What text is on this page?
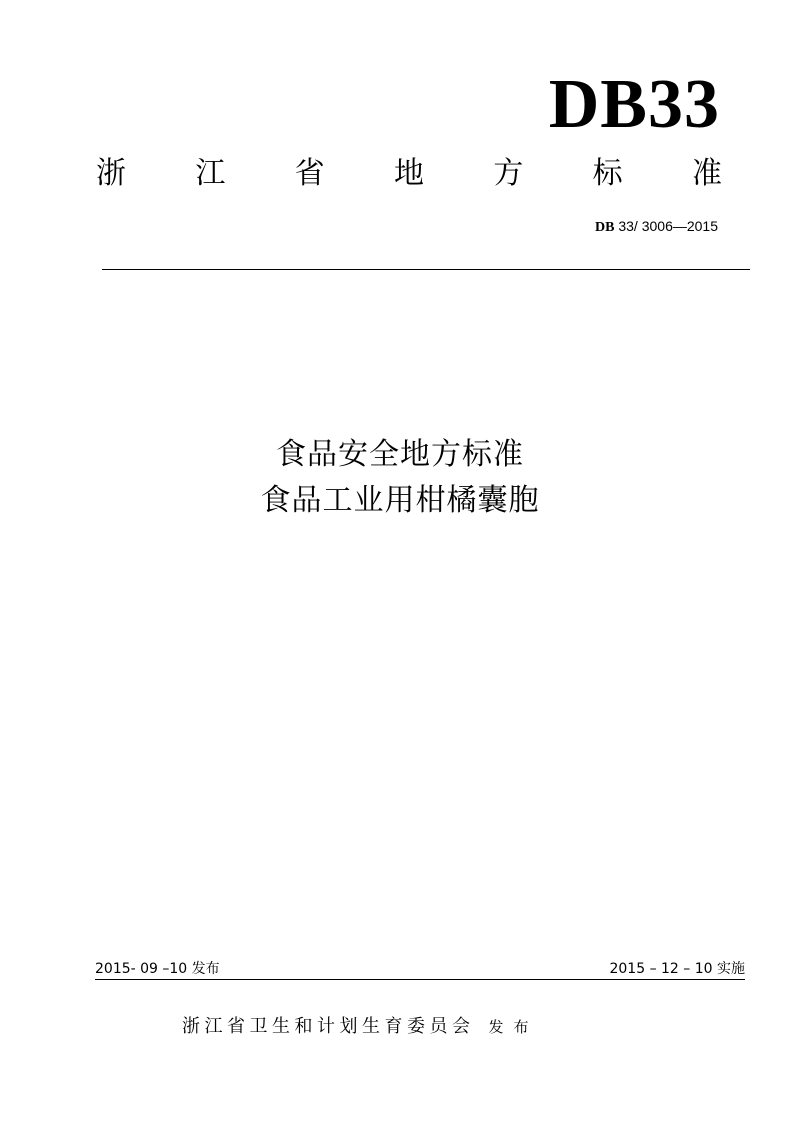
DB33
浙 江 省 地 方 标 准
DB 33/ 3006—2015
食品安全地方标准
食品工业用柑橘囊胞
2015- 09 –10 发布	2015 – 12 – 10 实施
浙江省卫生和计划生育委员会 发布
